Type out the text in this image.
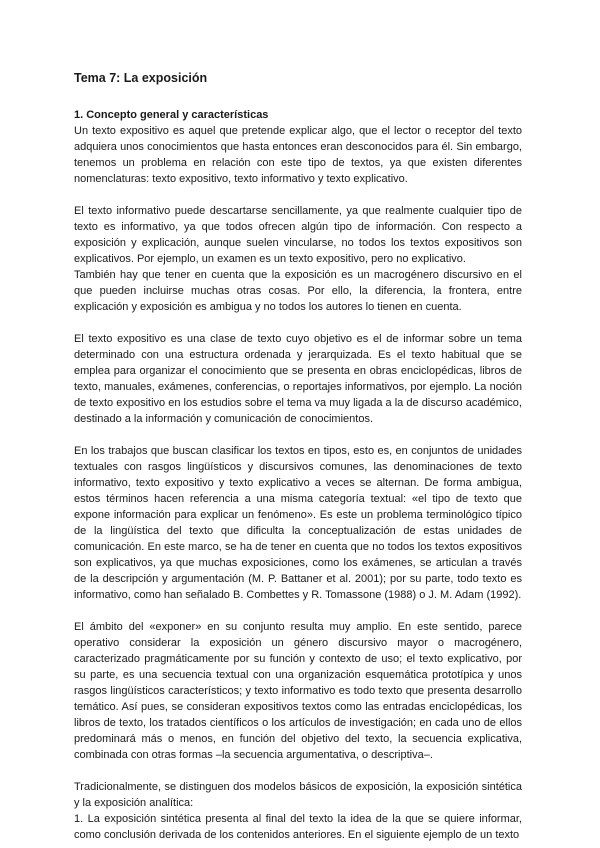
Tema 7: La exposición
1. Concepto general y características

Un texto expositivo es aquel que pretende explicar algo, que el lector o receptor del texto adquiera unos conocimientos que hasta entonces eran desconocidos para él. Sin embargo, tenemos un problema en relación con este tipo de textos, ya que existen diferentes nomenclaturas: texto expositivo, texto informativo y texto explicativo.

El texto informativo puede descartarse sencillamente, ya que realmente cualquier tipo de texto es informativo, ya que todos ofrecen algún tipo de información. Con respecto a exposición y explicación, aunque suelen vincularse, no todos los textos expositivos son explicativos. Por ejemplo, un examen es un texto expositivo, pero no explicativo.

También hay que tener en cuenta que la exposición es un macrogénero discursivo en el que pueden incluirse muchas otras cosas. Por ello, la diferencia, la frontera, entre explicación y exposición es ambigua y no todos los autores lo tienen en cuenta.

El texto expositivo es una clase de texto cuyo objetivo es el de informar sobre un tema determinado con una estructura ordenada y jerarquizada. Es el texto habitual que se emplea para organizar el conocimiento que se presenta en obras enciclopédicas, libros de texto, manuales, exámenes, conferencias, o reportajes informativos, por ejemplo. La noción de texto expositivo en los estudios sobre el tema va muy ligada a la de discurso académico, destinado a la información y comunicación de conocimientos.

En los trabajos que buscan clasificar los textos en tipos, esto es, en conjuntos de unidades textuales con rasgos lingüísticos y discursivos comunes, las denominaciones de texto informativo, texto expositivo y texto explicativo a veces se alternan. De forma ambigua, estos términos hacen referencia a una misma categoría textual: «el tipo de texto que expone información para explicar un fenómeno». Es este un problema terminológico típico de la lingüística del texto que dificulta la conceptualización de estas unidades de comunicación. En este marco, se ha de tener en cuenta que no todos los textos expositivos son explicativos, ya que muchas exposiciones, como los exámenes, se articulan a través de la descripción y argumentación (M. P. Battaner et al. 2001); por su parte, todo texto es informativo, como han señalado B. Combettes y R. Tomassone (1988) o J. M. Adam (1992).

El ámbito del «exponer» en su conjunto resulta muy amplio. En este sentido, parece operativo considerar la exposición un género discursivo mayor o macrogénero, caracterizado pragmáticamente por su función y contexto de uso; el texto explicativo, por su parte, es una secuencia textual con una organización esquemática prototípica y unos rasgos lingüísticos característicos; y texto informativo es todo texto que presenta desarrollo temático. Así pues, se consideran expositivos textos como las entradas enciclopédicas, los libros de texto, los tratados científicos o los artículos de investigación; en cada uno de ellos predominará más o menos, en función del objetivo del texto, la secuencia explicativa, combinada con otras formas –la secuencia argumentativa, o descriptiva–.

Tradicionalmente, se distinguen dos modelos básicos de exposición, la exposición sintética y la exposición analítica:

1. La exposición sintética presenta al final del texto la idea de la que se quiere informar, como conclusión derivada de los contenidos anteriores. En el siguiente ejemplo de un texto
